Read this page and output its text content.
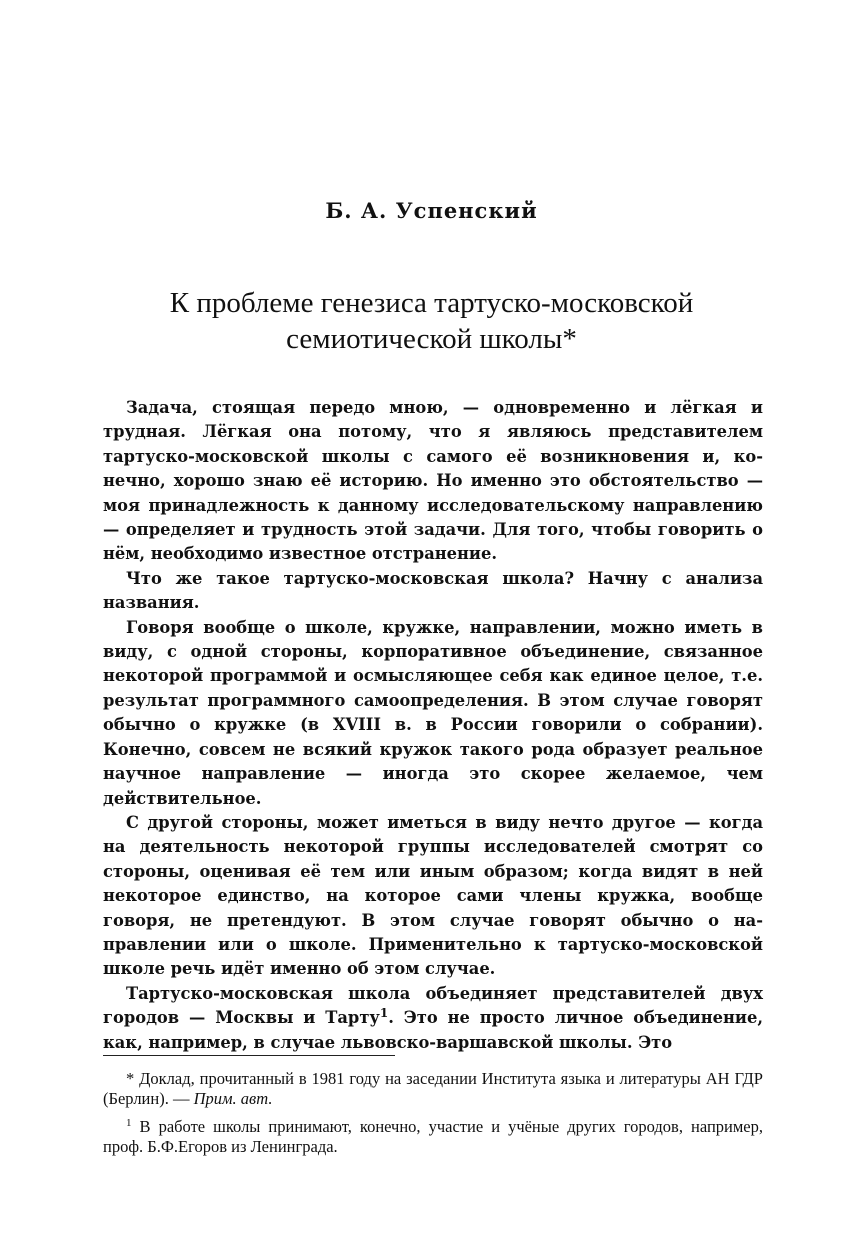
Б. А. Успенский
К проблеме генезиса тартуско-московской
семиотической школы*

Задача, стоящая передо мною, — одновременно и лёгкая и трудная. Лёгкая она потому, что я являюсь представителем тартуско-московской школы с самого её возникновения и, конечно, хорошо знаю её историю. Но именно это обстоятельство — моя принадлежность к данному исследовательскому направлению — определяет и трудность этой задачи. Для того, чтобы говорить о нём, необходимо известное отстранение.

Что же такое тартуско-московская школа? Начну с анализа названия.

Говоря вообще о школе, кружке, направлении, можно иметь в виду, с одной стороны, корпоративное объединение, связанное некоторой программой и осмысляющее себя как единое целое, т.е. результат программного самоопределения. В этом случае говорят обычно о кружке (в XVIII в. в России говорили о собрании). Конечно, совсем не всякий кружок такого рода образует реальное научное направление — иногда это скорее желаемое, чем действительное.

С другой стороны, может иметься в виду нечто другое — когда на деятельность некоторой группы исследователей смотрят со стороны, оценивая её тем или иным образом; когда видят в ней некоторое единство, на которое сами члены кружка, вообще говоря, не претендуют. В этом случае говорят обычно о направлении или о школе. Применительно к тартуско-московской школе речь идёт именно об этом случае.

Тартуско-московская школа объединяет представителей двух городов — Москвы и Тарту$^1$. Это не просто личное объединение, как, например, в случае львовско-варшавской школы. Это

* Доклад, прочитанный в 1981 году на заседании Института языка и литературы АН ГДР (Берлин). — Прим. авт.

$^1$ В работе школы принимают, конечно, участие и учёные других городов, например, проф. Б.Ф.Егоров из Ленинграда.
